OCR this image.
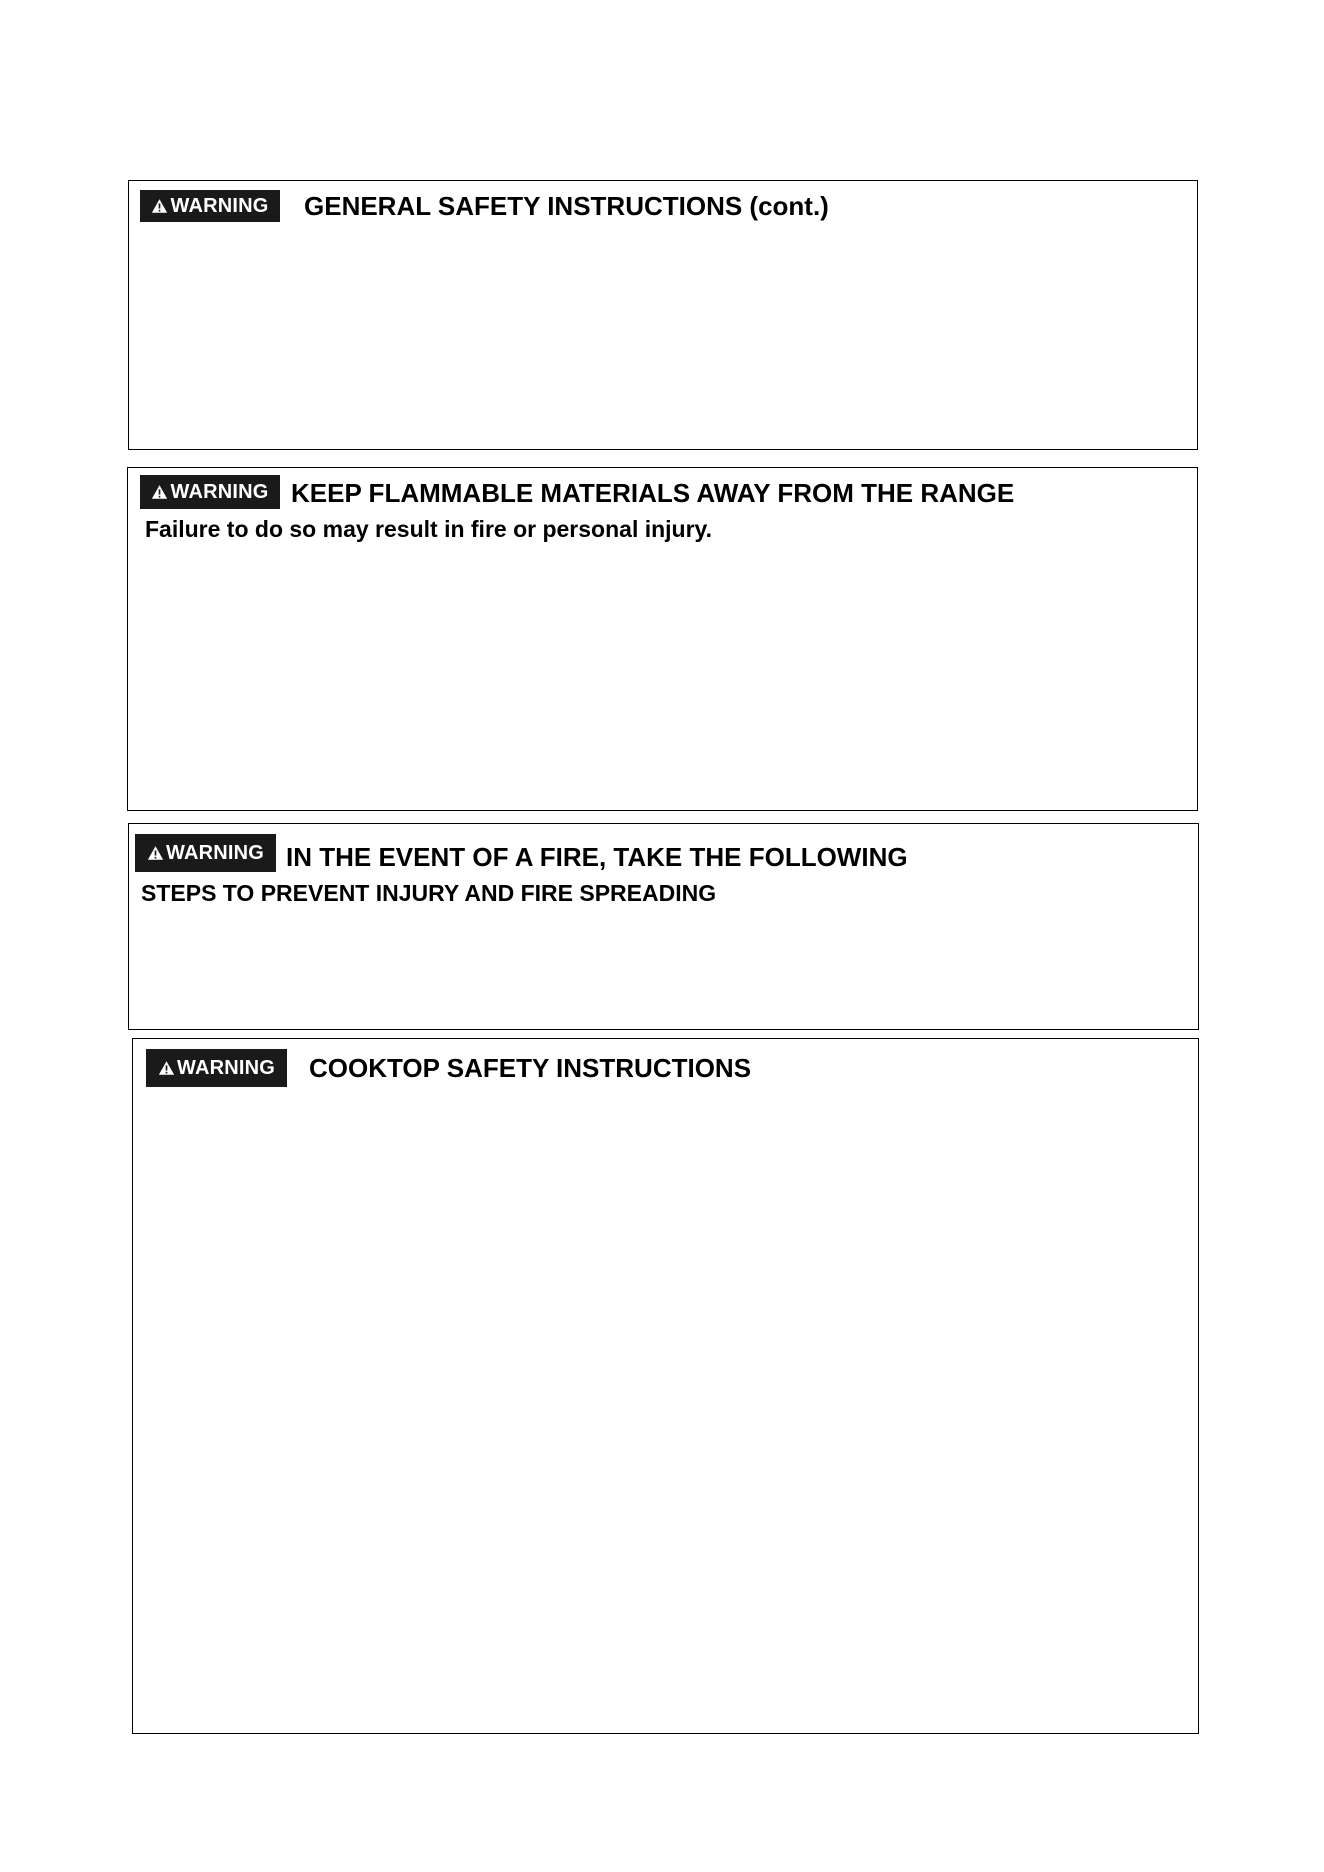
WARNING GENERAL SAFETY INSTRUCTIONS (cont.)
WARNING KEEP FLAMMABLE MATERIALS AWAY FROM THE RANGE
Failure to do so may result in fire or personal injury.
WARNING IN THE EVENT OF A FIRE, TAKE THE FOLLOWING
STEPS TO PREVENT INJURY AND FIRE SPREADING
WARNING COOKTOP SAFETY INSTRUCTIONS
